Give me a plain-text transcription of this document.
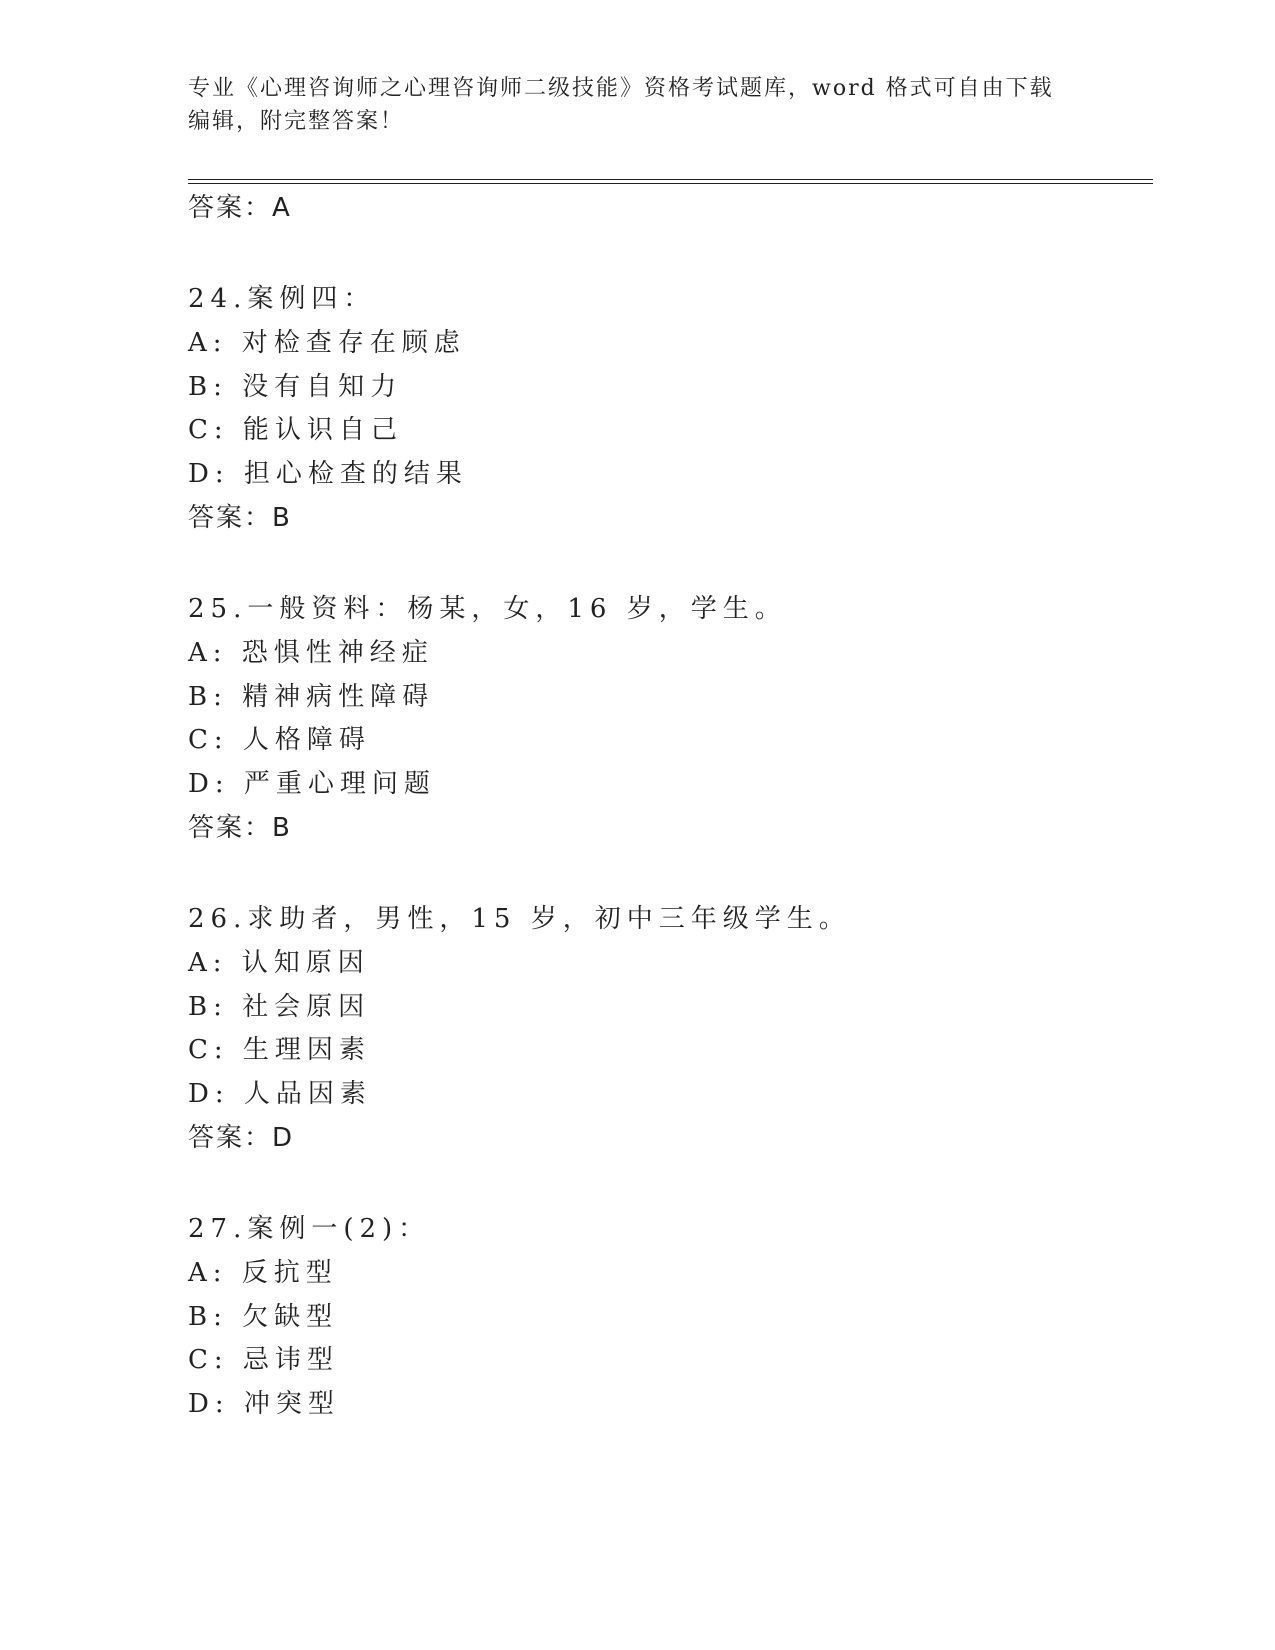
专业《心理咨询师之心理咨询师二级技能》资格考试题库，word 格式可自由下载
编辑，附完整答案！
答案：A
24.案例四：
A: 对检查存在顾虑
B: 没有自知力
C: 能认识自己
D: 担心检查的结果
答案：B
25.一般资料：杨某，女，16 岁，学生。
A: 恐惧性神经症
B: 精神病性障碍
C: 人格障碍
D: 严重心理问题
答案：B
26.求助者，男性，15 岁，初中三年级学生。
A: 认知原因
B: 社会原因
C: 生理因素
D: 人品因素
答案：D
27.案例一(2)：
A: 反抗型
B: 欠缺型
C: 忌讳型
D: 冲突型
